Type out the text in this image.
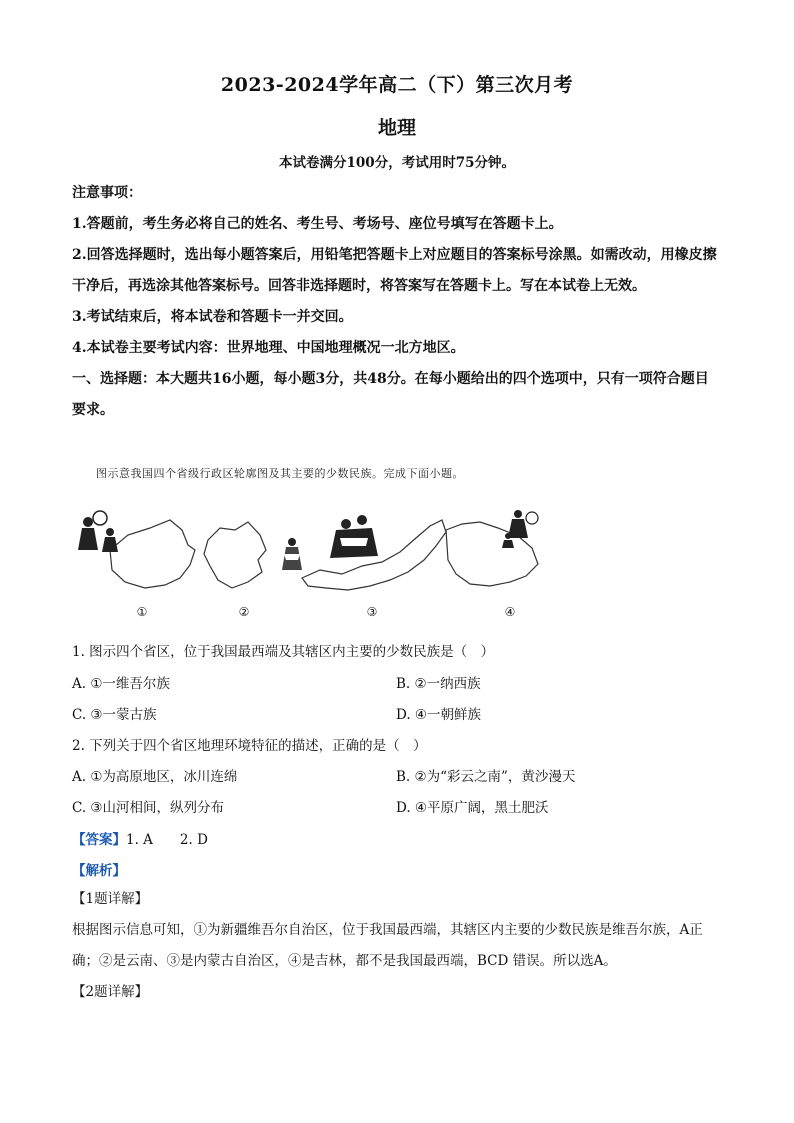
2023-2024学年高二（下）第三次月考
地理
本试卷满分100分，考试用时75分钟。

注意事项：

1.答题前，考生务必将自己的姓名、考生号、考场号、座位号填写在答题卡上。

2.回答选择题时，选出每小题答案后，用铅笔把答题卡上对应题目的答案标号涂黑。如需改动，用橡皮擦干净后，再选涂其他答案标号。回答非选择题时，将答案写在答题卡上。写在本试卷上无效。

3.考试结束后，将本试卷和答题卡一并交回。

4.本试卷主要考试内容：世界地理、中国地理概况一北方地区。

一、选择题：本大题共16小题，每小题3分，共48分。在每小题给出的四个选项中，只有一项符合题目要求。

图示意我国四个省级行政区轮廓图及其主要的少数民族。完成下面小题。
①	②	③	④
1. 图示四个省区，位于我国最西端及其辖区内主要的少数民族是（　）
A. ①一维吾尔族	B. ②一纳西族
C. ③一蒙古族	D. ④一朝鲜族
2. 下列关于四个省区地理环境特征的描述，正确的是（　）
A. ①为高原地区，冰川连绵	B. ②为“彩云之南”，黄沙漫天
C. ③山河相间，纵列分布	D. ④平原广阔，黑土肥沃
【答案】1. A　　2. D
【解析】

【1题详解】

根据图示信息可知，①为新疆维吾尔自治区，位于我国最西端，其辖区内主要的少数民族是维吾尔族，A正确；②是云南、③是内蒙古自治区，④是吉林，都不是我国最西端，BCD 错误。所以选A。

【2题详解】
